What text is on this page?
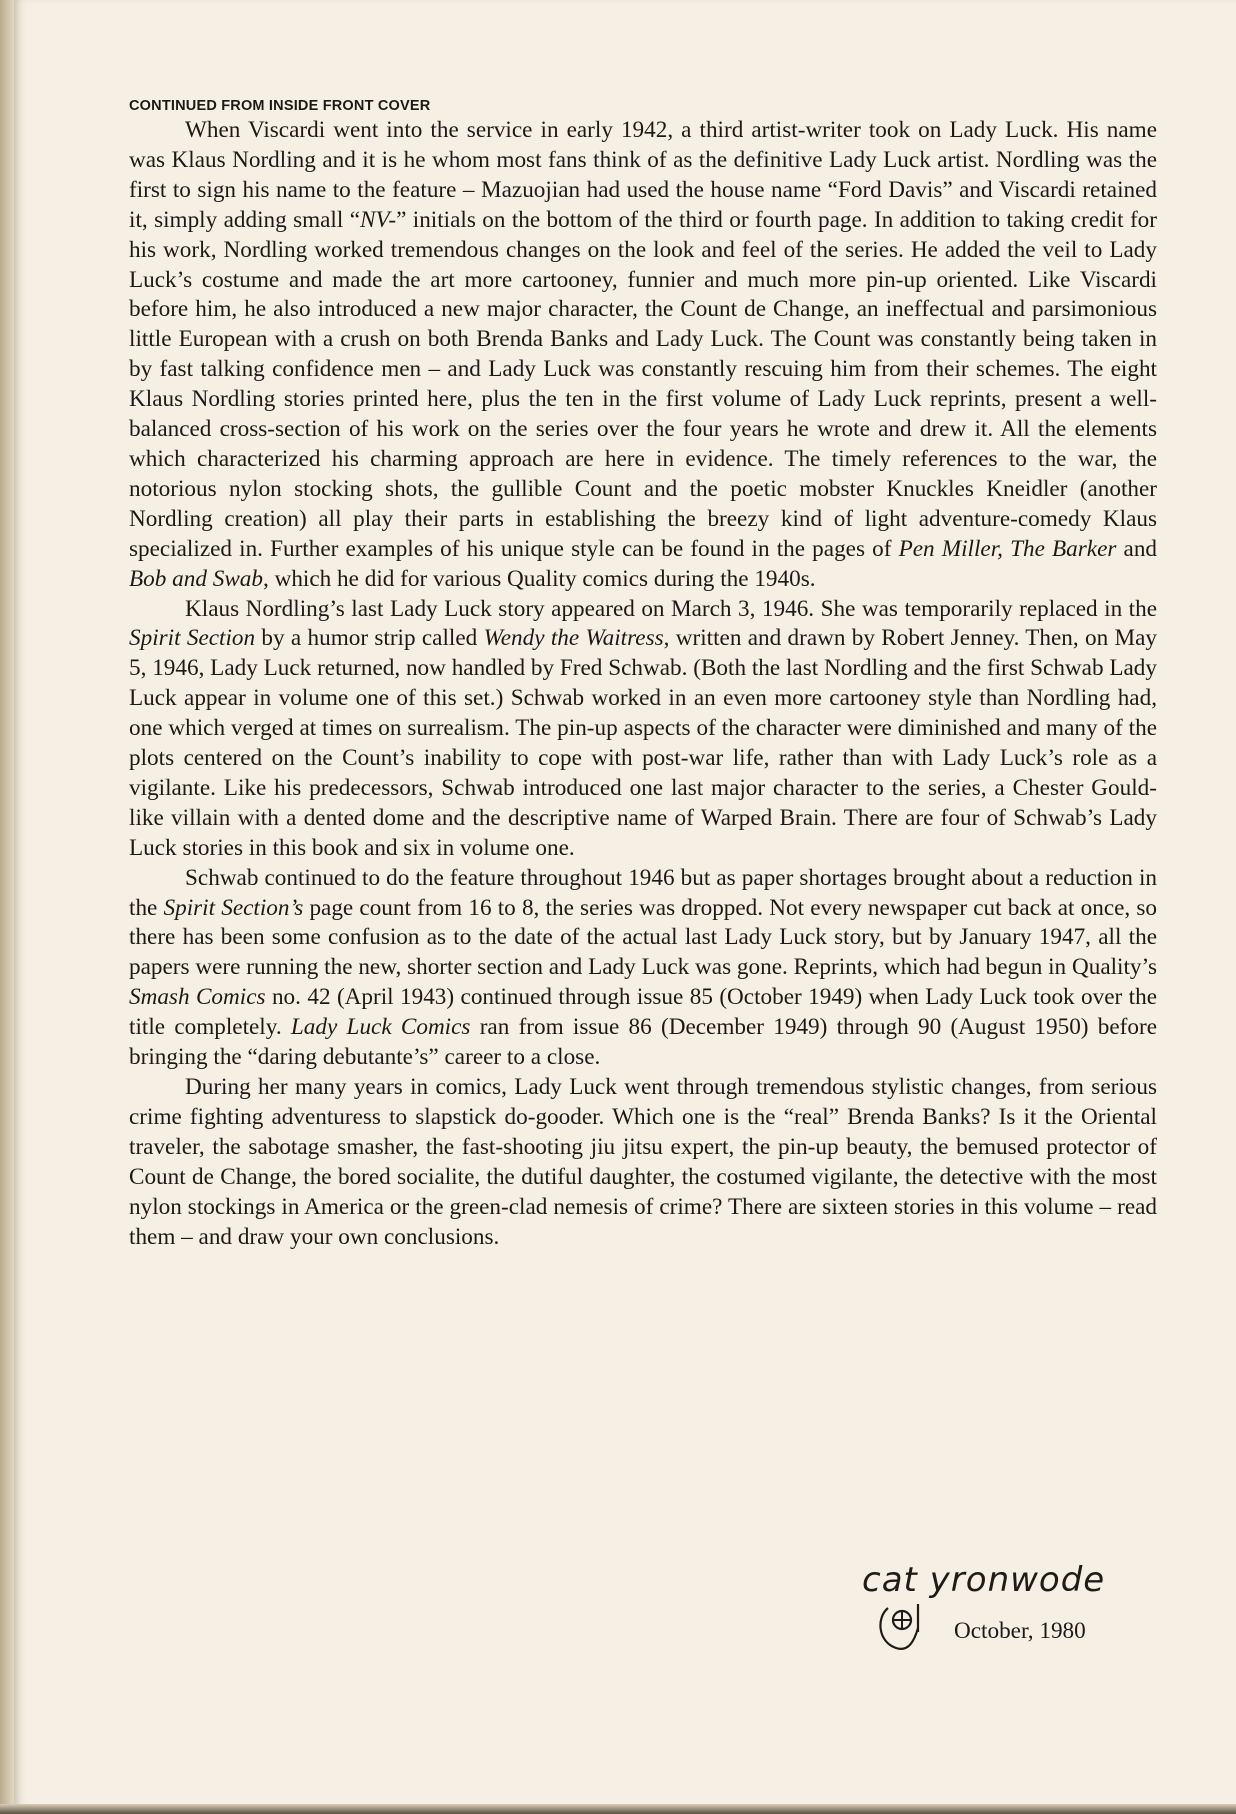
CONTINUED FROM INSIDE FRONT COVER

When Viscardi went into the service in early 1942, a third artist-writer took on Lady Luck. His name was Klaus Nordling and it is he whom most fans think of as the definitive Lady Luck artist. Nordling was the first to sign his name to the feature – Mazuojian had used the house name “Ford Davis” and Viscardi retained it, simply adding small “NV-” initials on the bottom of the third or fourth page. In addition to taking credit for his work, Nordling worked tremendous changes on the look and feel of the series. He added the veil to Lady Luck’s costume and made the art more cartooney, funnier and much more pin-up oriented. Like Viscardi before him, he also introduced a new major character, the Count de Change, an ineffectual and parsimonious little European with a crush on both Brenda Banks and Lady Luck. The Count was constantly being taken in by fast talking confidence men – and Lady Luck was constantly rescuing him from their schemes. The eight Klaus Nordling stories printed here, plus the ten in the first volume of Lady Luck reprints, present a well-balanced cross-section of his work on the series over the four years he wrote and drew it. All the elements which characterized his charming approach are here in evidence. The timely references to the war, the notorious nylon stocking shots, the gullible Count and the poetic mobster Knuckles Kneidler (another Nordling creation) all play their parts in establishing the breezy kind of light adventure-comedy Klaus specialized in. Further examples of his unique style can be found in the pages of Pen Miller, The Barker and Bob and Swab, which he did for various Quality comics during the 1940s.

Klaus Nordling’s last Lady Luck story appeared on March 3, 1946. She was temporarily replaced in the Spirit Section by a humor strip called Wendy the Waitress, written and drawn by Robert Jenney. Then, on May 5, 1946, Lady Luck returned, now handled by Fred Schwab. (Both the last Nordling and the first Schwab Lady Luck appear in volume one of this set.) Schwab worked in an even more cartooney style than Nordling had, one which verged at times on surrealism. The pin-up aspects of the character were diminished and many of the plots centered on the Count’s inability to cope with post-war life, rather than with Lady Luck’s role as a vigilante. Like his predecessors, Schwab introduced one last major character to the series, a Chester Gould-like villain with a dented dome and the descriptive name of Warped Brain. There are four of Schwab’s Lady Luck stories in this book and six in volume one.

Schwab continued to do the feature throughout 1946 but as paper shortages brought about a reduction in the Spirit Section’s page count from 16 to 8, the series was dropped. Not every newspaper cut back at once, so there has been some confusion as to the date of the actual last Lady Luck story, but by January 1947, all the papers were running the new, shorter section and Lady Luck was gone. Reprints, which had begun in Quality’s Smash Comics no. 42 (April 1943) continued through issue 85 (October 1949) when Lady Luck took over the title completely. Lady Luck Comics ran from issue 86 (December 1949) through 90 (August 1950) before bringing the “daring debutante’s” career to a close.

During her many years in comics, Lady Luck went through tremendous stylistic changes, from serious crime fighting adventuress to slapstick do-gooder. Which one is the “real” Brenda Banks? Is it the Oriental traveler, the sabotage smasher, the fast-shooting jiu jitsu expert, the pin-up beauty, the bemused protector of Count de Change, the bored socialite, the dutiful daughter, the costumed vigilante, the detective with the most nylon stockings in America or the green-clad nemesis of crime? There are sixteen stories in this volume – read them – and draw your own conclusions.

cat yronwode
October, 1980
